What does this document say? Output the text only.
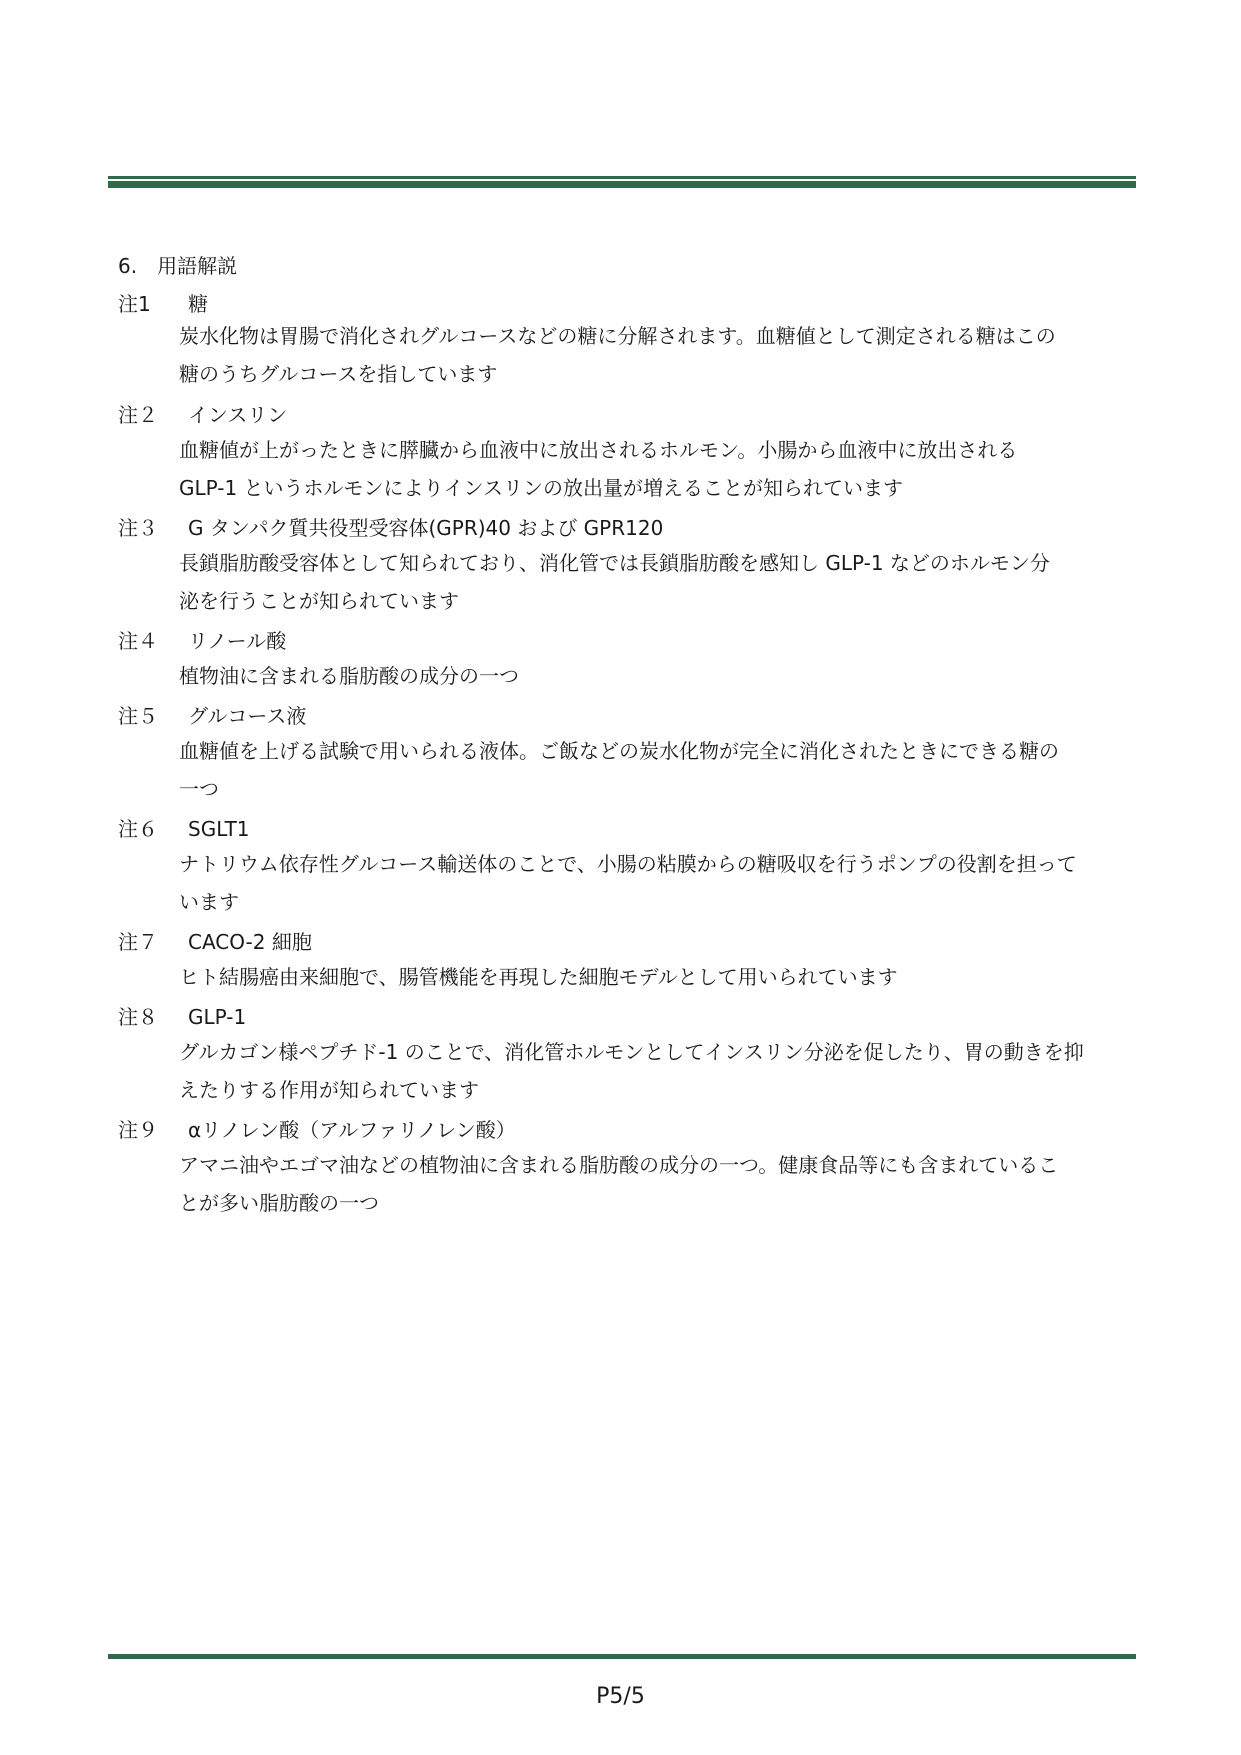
6.　用語解説
注1 糖
炭水化物は胃腸で消化されグルコースなどの糖に分解されます。血糖値として測定される糖はこの
糖のうちグルコースを指しています
注２ インスリン
血糖値が上がったときに膵臓から血液中に放出されるホルモン。小腸から血液中に放出される
GLP-1 というホルモンによりインスリンの放出量が増えることが知られています
注３ G タンパク質共役型受容体(GPR)40 および GPR120
長鎖脂肪酸受容体として知られており、消化管では長鎖脂肪酸を感知し GLP-1 などのホルモン分
泌を行うことが知られています
注４ リノール酸
植物油に含まれる脂肪酸の成分の一つ
注５ グルコース液
血糖値を上げる試験で用いられる液体。ご飯などの炭水化物が完全に消化されたときにできる糖の
一つ
注６ SGLT1
ナトリウム依存性グルコース輸送体のことで、小腸の粘膜からの糖吸収を行うポンプの役割を担って
います
注７ CACO-2 細胞
ヒト結腸癌由来細胞で、腸管機能を再現した細胞モデルとして用いられています
注８ GLP-1
グルカゴン様ペプチド-1 のことで、消化管ホルモンとしてインスリン分泌を促したり、胃の動きを抑
えたりする作用が知られています
注９ αリノレン酸（アルファリノレン酸）
アマニ油やエゴマ油などの植物油に含まれる脂肪酸の成分の一つ。健康食品等にも含まれているこ
とが多い脂肪酸の一つ
P5/5
